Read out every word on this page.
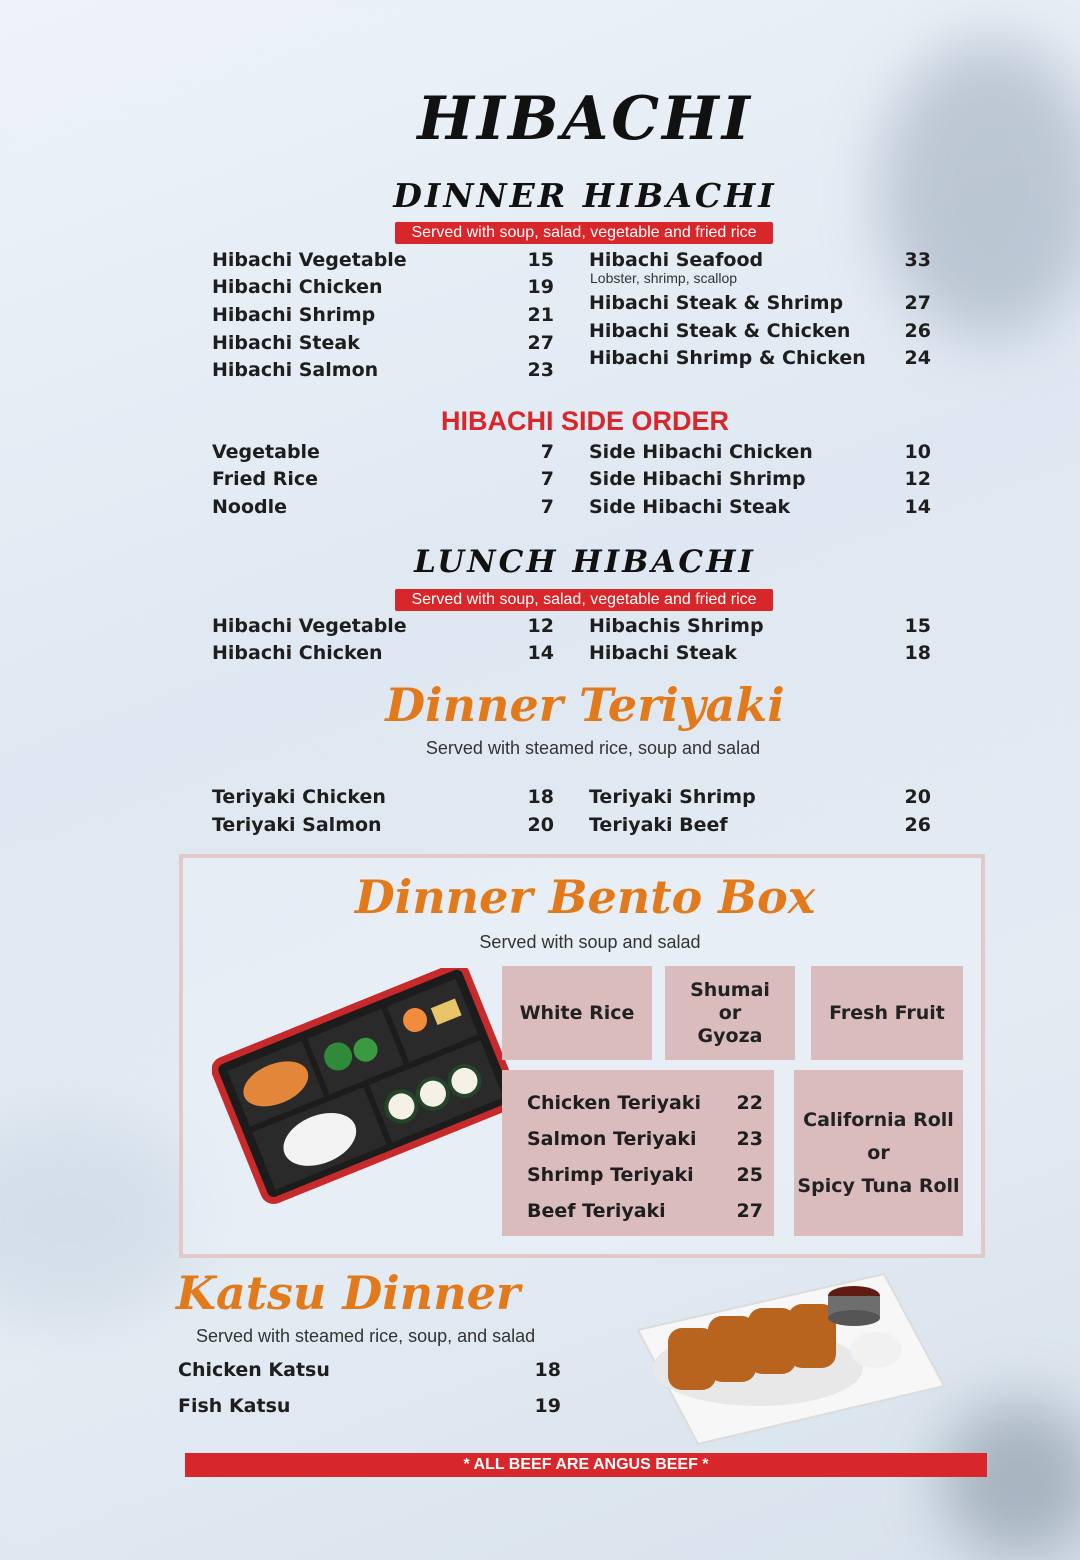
HIBACHI
DINNER HIBACHI
Served with soup, salad, vegetable and fried rice
Hibachi Vegetable	15
Hibachi Chicken	19
Hibachi Shrimp	21
Hibachi Steak	27
Hibachi Salmon	23
Hibachi Seafood	33
Lobster, shrimp, scallop
Hibachi Steak & Shrimp	27
Hibachi Steak & Chicken	26
Hibachi Shrimp & Chicken	24
HIBACHI SIDE ORDER
Vegetable	7
Fried Rice	7
Noodle	7
Side Hibachi Chicken	10
Side Hibachi Shrimp	12
Side Hibachi Steak	14
LUNCH HIBACHI
Served with soup, salad, vegetable and fried rice
Hibachi Vegetable	12
Hibachi Chicken	14
Hibachis Shrimp	15
Hibachi Steak	18
Dinner Teriyaki
Served with steamed rice, soup and salad
Teriyaki Chicken	18
Teriyaki Salmon	20
Teriyaki Shrimp	20
Teriyaki Beef	26
Dinner Bento Box
Served with soup and salad
White Rice
Shumai
or
Gyoza
Fresh Fruit
Chicken Teriyaki	22
Salmon Teriyaki	23
Shrimp Teriyaki	25
Beef Teriyaki	27
California Roll
or
Spicy Tuna Roll
Katsu Dinner
Served with steamed rice, soup, and salad
Chicken Katsu	18
Fish Katsu	19
* ALL BEEF ARE ANGUS BEEF *
